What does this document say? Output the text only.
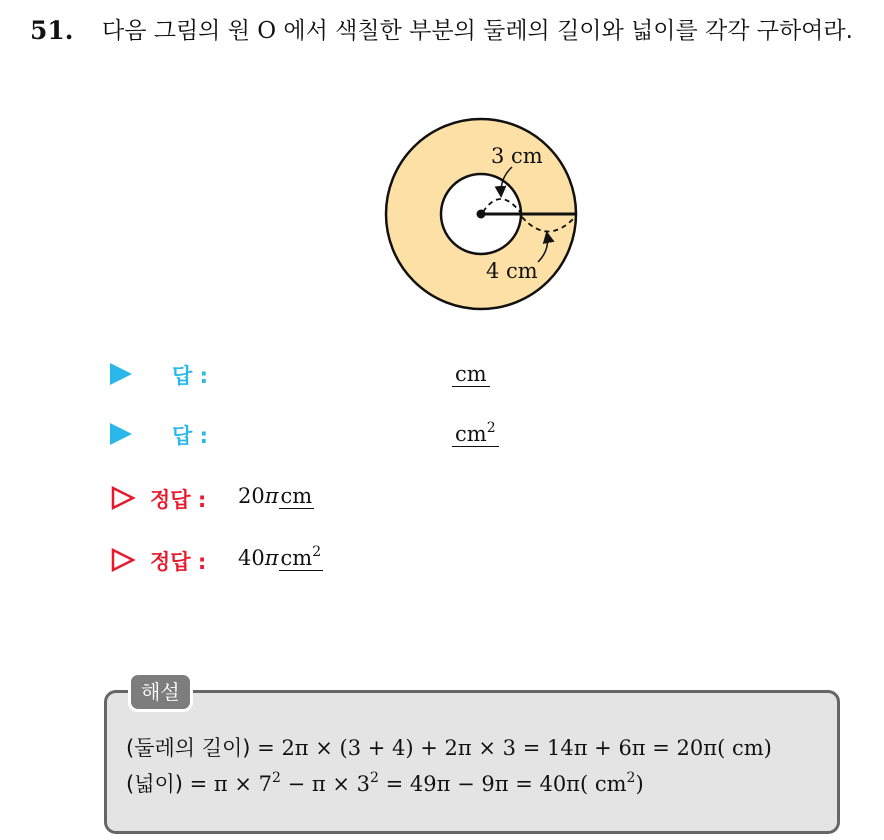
51. 다음 그림의 원 O 에서 색칠한 부분의 둘레의 길이와 넓이를 각각 구하여라.
3 cm
4 cm
답 :	cm
답 :	$cm^2$
정답 : 20πcm
정답 : 40πcm$^2$
해설
(둘레의 길이) = 2π × (3 + 4) + 2π × 3 = 14π + 6π = 20π( cm)
(넓이) = $\pi \times 7^2 - \pi \times 3^2 = 49\pi - 9\pi = 40\pi$( $cm^2$)
